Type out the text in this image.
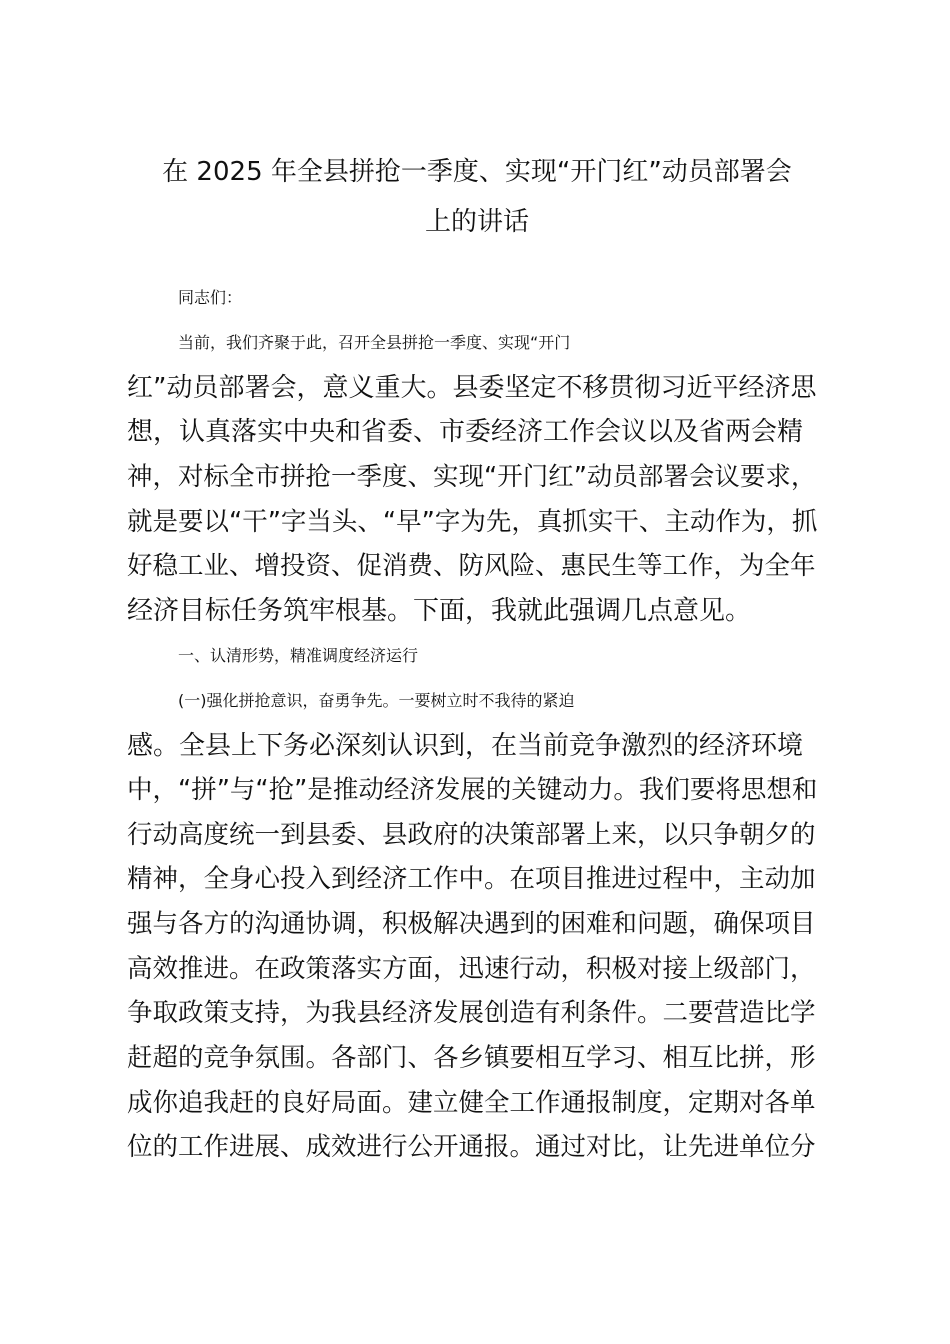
在 2025 年全县拼抢一季度、实现“开门红”动员部署会
上的讲话
同志们：
当前，我们齐聚于此，召开全县拼抢一季度、实现“开门
红”动员部署会，意义重大。县委坚定不移贯彻习近平经济思
想，认真落实中央和省委、市委经济工作会议以及省两会精
神，对标全市拼抢一季度、实现“开门红”动员部署会议要求，
就是要以“干”字当头、“早”字为先，真抓实干、主动作为，抓
好稳工业、增投资、促消费、防风险、惠民生等工作，为全年
经济目标任务筑牢根基。下面，我就此强调几点意见。
一、认清形势，精准调度经济运行
(一)强化拼抢意识，奋勇争先。一要树立时不我待的紧迫
感。全县上下务必深刻认识到，在当前竞争激烈的经济环境
中，“拼”与“抢”是推动经济发展的关键动力。我们要将思想和
行动高度统一到县委、县政府的决策部署上来，以只争朝夕的
精神，全身心投入到经济工作中。在项目推进过程中，主动加
强与各方的沟通协调，积极解决遇到的困难和问题，确保项目
高效推进。在政策落实方面，迅速行动，积极对接上级部门，
争取政策支持，为我县经济发展创造有利条件。二要营造比学
赶超的竞争氛围。各部门、各乡镇要相互学习、相互比拼，形
成你追我赶的良好局面。建立健全工作通报制度，定期对各单
位的工作进展、成效进行公开通报。通过对比，让先进单位分
